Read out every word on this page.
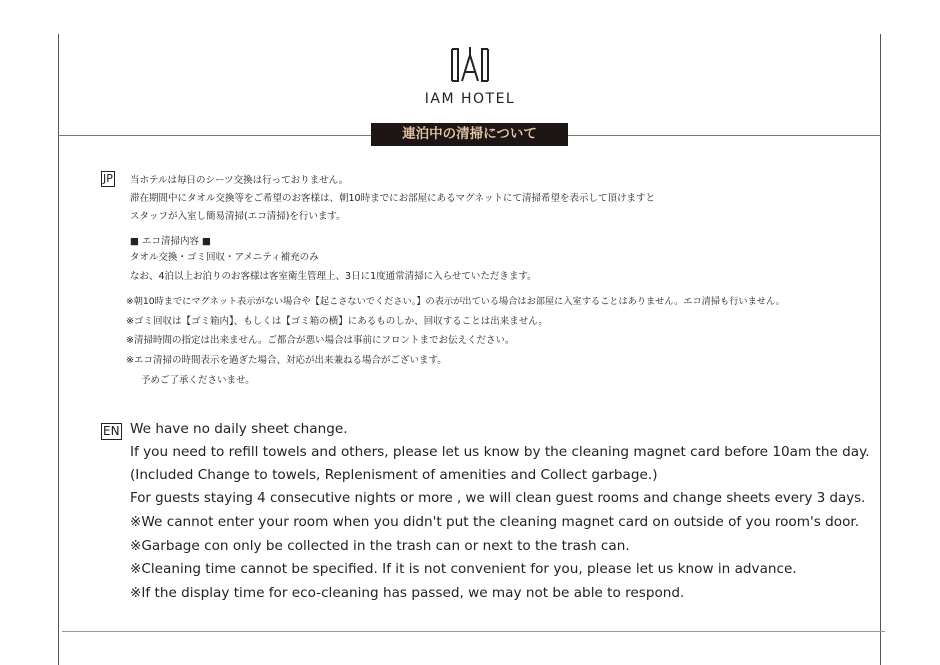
IAM HOTEL
連泊中の清掃について
JP 当ホテルは毎日のシーツ交換は行っておりません。
滞在期間中にタオル交換等をご希望のお客様は、朝10時までにお部屋にあるマグネットにて清掃希望を表示して頂けますと
スタッフが入室し簡易清掃(エコ清掃)を行います。
■ エコ清掃内容 ■
タオル交換・ゴミ回収・アメニティ補充のみ
なお、4泊以上お泊りのお客様は客室衛生管理上、3日に1度通常清掃に入らせていただきます。
※朝10時までにマグネット表示がない場合や【起こさないでください。】の表示が出ている場合はお部屋に入室することはありません。エコ清掃も行いません。
※ゴミ回収は【ゴミ箱内】、もしくは【ゴミ箱の横】にあるものしか、回収することは出来ません。
※清掃時間の指定は出来ません。ご都合が悪い場合は事前にフロントまでお伝えください。
※エコ清掃の時間表示を過ぎた場合、対応が出来兼ねる場合がございます。
予めご了承くださいませ。
EN We have no daily sheet change.
If you need to refill towels and others, please let us know by the cleaning magnet card before 10am the day.
(Included Change to towels, Replenisment of amenities and Collect garbage.)
For guests staying 4 consecutive nights or more , we will clean guest rooms and change sheets every 3 days.
※We cannot enter your room when you didn't put the cleaning magnet card on outside of you room's door.
※Garbage con only be collected in the trash can or next to the trash can.
※Cleaning time cannot be specified. If it is not convenient for you, please let us know in advance.
※If the display time for eco-cleaning has passed, we may not be able to respond.
